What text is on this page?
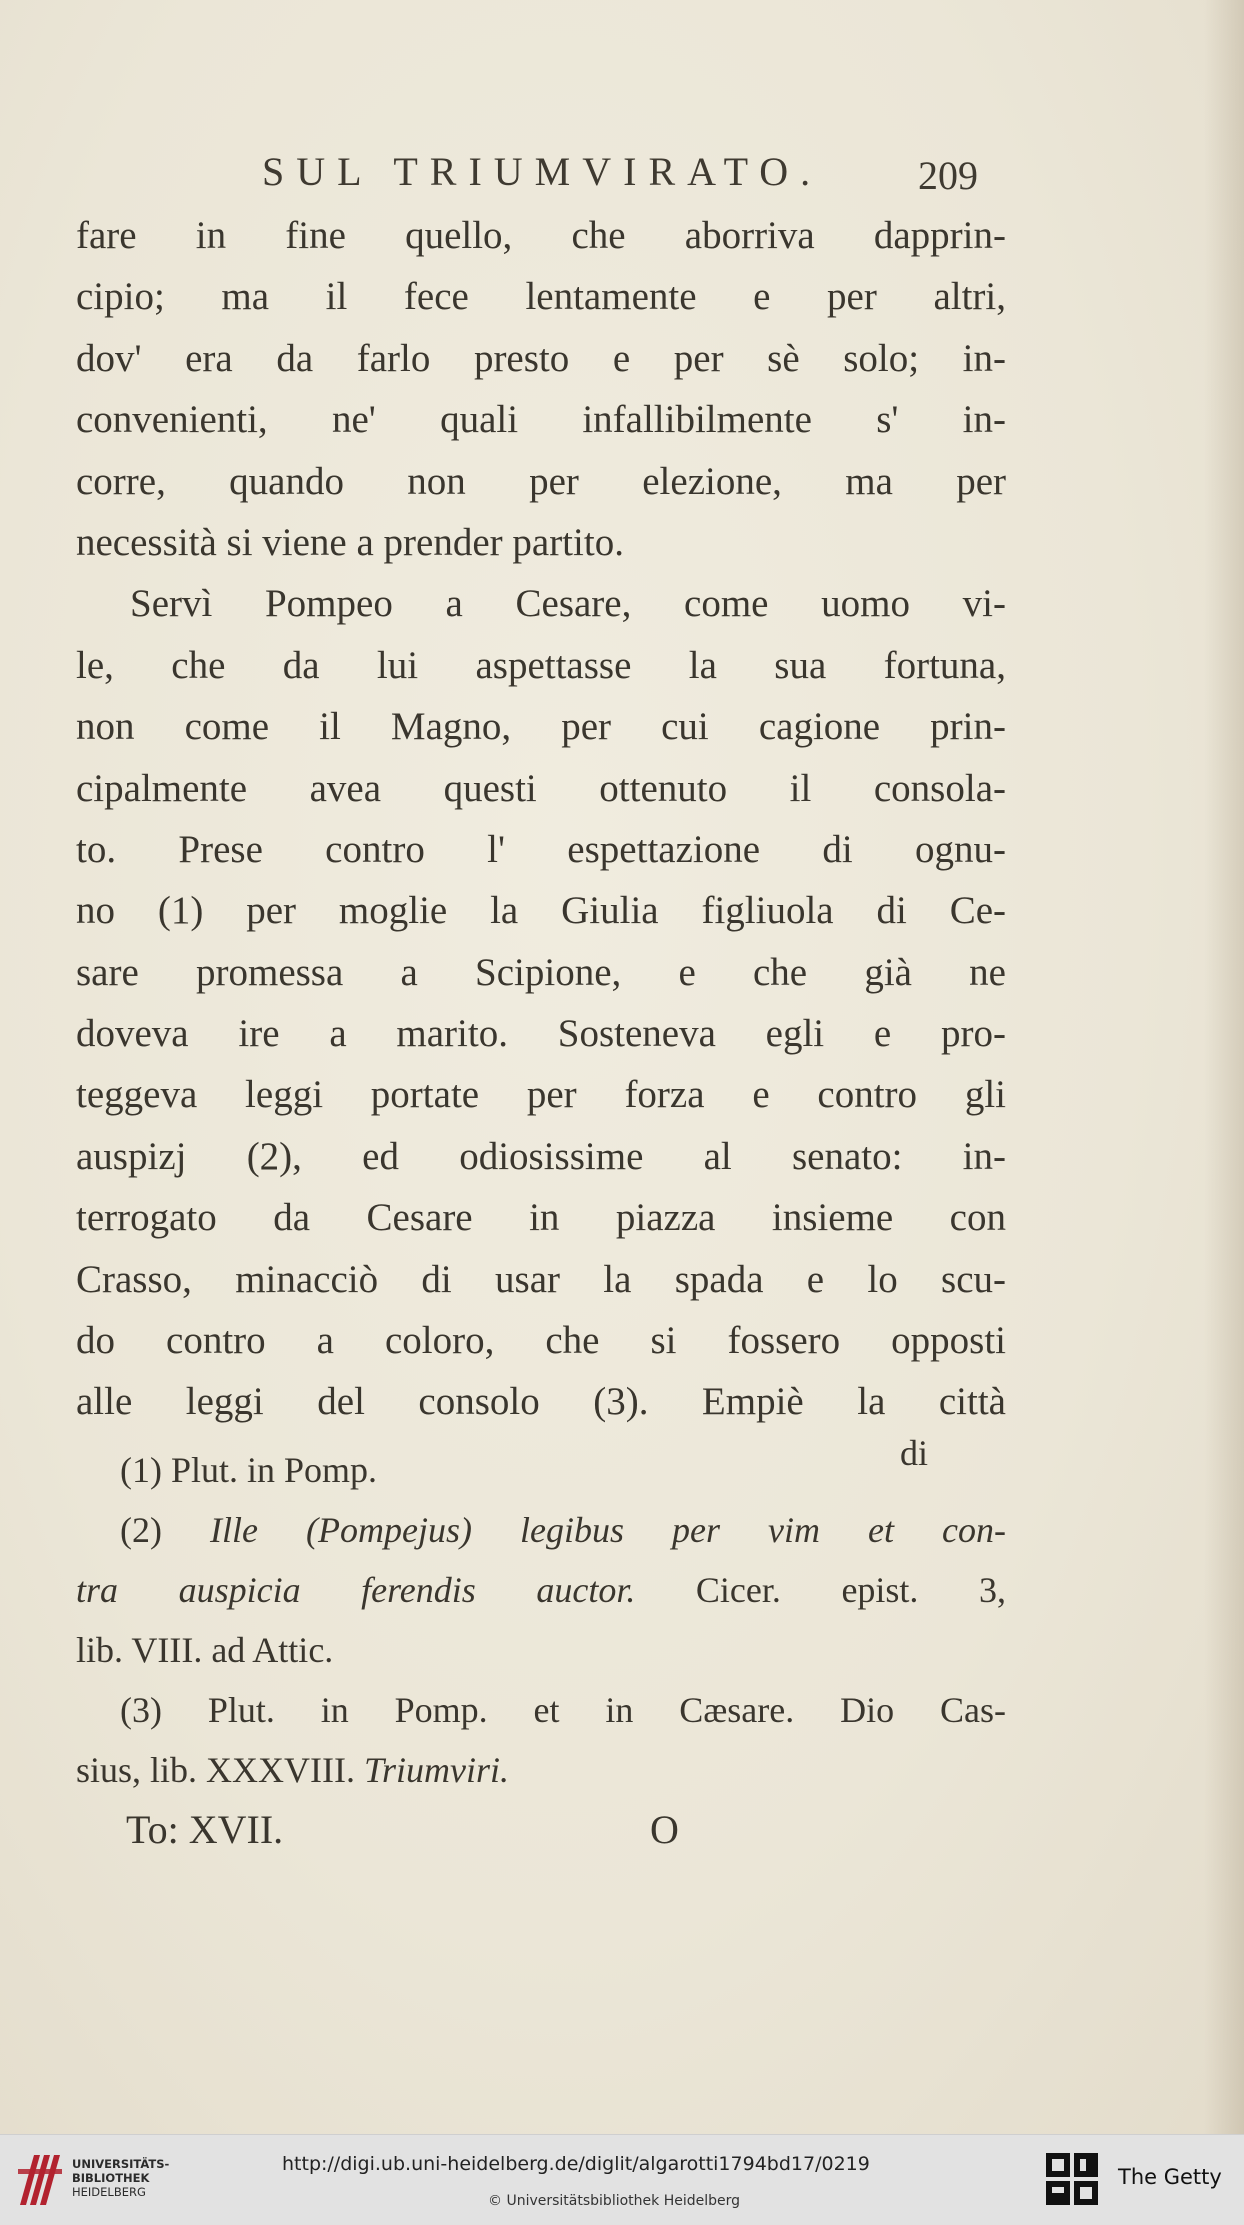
SUL TRIUMVIRATO. 209
fare in fine quello, che aborriva dapprin-
cipio; ma il fece lentamente e per altri,
dov' era da farlo presto e per sè solo; in-
convenienti, ne' quali infallibilmente s' in-
corre, quando non per elezione, ma per
necessità si viene a prender partito.
Servì Pompeo a Cesare, come uomo vi-
le, che da lui aspettasse la sua fortuna,
non come il Magno, per cui cagione prin-
cipalmente avea questi ottenuto il consola-
to. Prese contro l' espettazione di ognu-
no (1) per moglie la Giulia figliuola di Ce-
sare promessa a Scipione, e che già ne
doveva ire a marito. Sosteneva egli e pro-
teggeva leggi portate per forza e contro gli
auspizj (2), ed odiosissime al senato: in-
terrogato da Cesare in piazza insieme con
Crasso, minacciò di usar la spada e lo scu-
do contro a coloro, che si fossero opposti
alle leggi del consolo (3). Empiè la città
di
(1) Plut. in Pomp.
(2) Ille (Pompejus) legibus per vim et con-
tra auspicia ferendis auctor. Cicer. epist. 3,
lib. VIII. ad Attic.
(3) Plut. in Pomp. et in Cæsare. Dio Cas-
sius, lib. XXXVIII. Triumviri.
To: XVII.	O
UNIVERSITÄTS-
BIBLIOTHEK
HEIDELBERG
http://digi.ub.uni-heidelberg.de/diglit/algarotti1794bd17/0219
© Universitätsbibliothek Heidelberg
The Getty
